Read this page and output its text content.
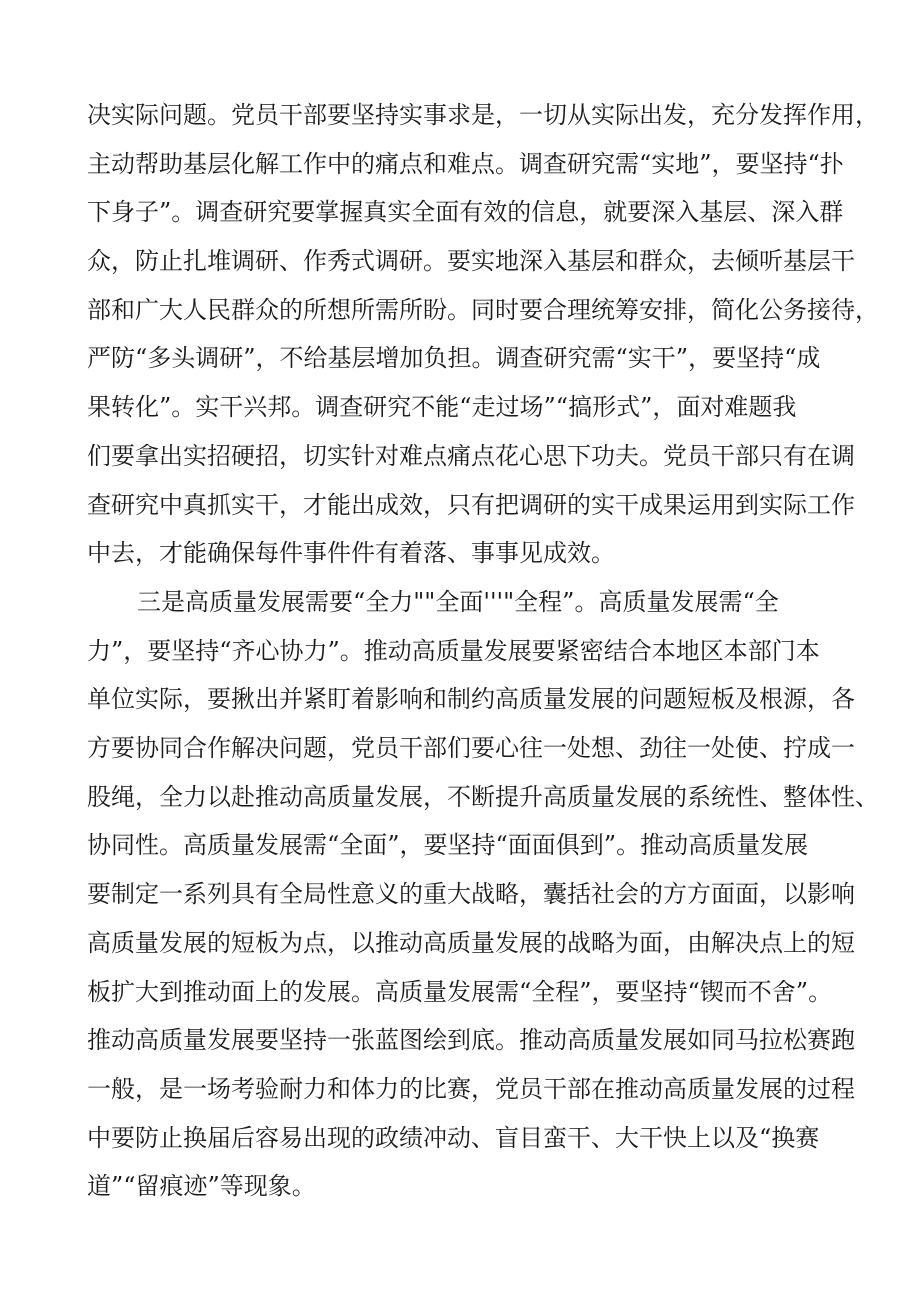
决实际问题。党员干部要坚持实事求是，一切从实际出发，充分发挥作用，
主动帮助基层化解工作中的痛点和难点。调查研究需“实地”，要坚持“扑
下身子”。调查研究要掌握真实全面有效的信息，就要深入基层、深入群
众，防止扎堆调研、作秀式调研。要实地深入基层和群众，去倾听基层干
部和广大人民群众的所想所需所盼。同时要合理统筹安排，简化公务接待，
严防“多头调研”，不给基层增加负担。调查研究需“实干”，要坚持“成
果转化”。实干兴邦。调查研究不能“走过场”“搞形式”，面对难题我
们要拿出实招硬招，切实针对难点痛点花心思下功夫。党员干部只有在调
查研究中真抓实干，才能出成效，只有把调研的实干成果运用到实际工作
中去，才能确保每件事件件有着落、事事见成效。
三是高质量发展需要“全力""全面'''"全程”。高质量发展需“全
力”，要坚持“齐心协力”。推动高质量发展要紧密结合本地区本部门本
单位实际，要揪出并紧盯着影响和制约高质量发展的问题短板及根源，各
方要协同合作解决问题，党员干部们要心往一处想、劲往一处使、拧成一
股绳，全力以赴推动高质量发展，不断提升高质量发展的系统性、整体性、
协同性。高质量发展需“全面”，要坚持“面面俱到”。推动高质量发展
要制定一系列具有全局性意义的重大战略，囊括社会的方方面面，以影响
高质量发展的短板为点，以推动高质量发展的战略为面，由解决点上的短
板扩大到推动面上的发展。高质量发展需“全程”，要坚持“锲而不舍”。
推动高质量发展要坚持一张蓝图绘到底。推动高质量发展如同马拉松赛跑
一般，是一场考验耐力和体力的比赛，党员干部在推动高质量发展的过程
中要防止换届后容易出现的政绩冲动、盲目蛮干、大干快上以及“换赛
道”“留痕迹”等现象。
